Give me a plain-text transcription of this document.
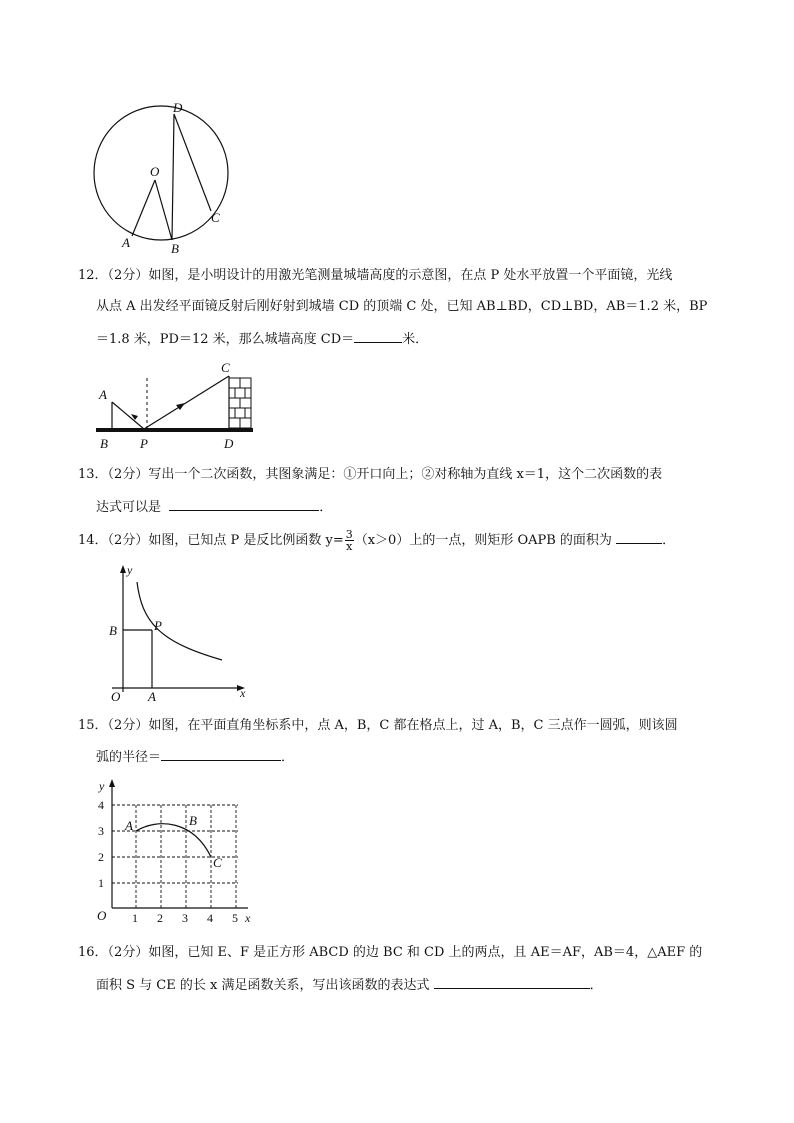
D
O
A	B
C
12．（2分）如图，是小明设计的用激光笔测量城墙高度的示意图，在点 P 处水平放置一个平面镜，光线
从点 A 出发经平面镜反射后刚好射到城墙 CD 的顶端 C 处，已知 AB⊥BD，CD⊥BD，AB＝1.2 米，BP
＝1.8 米，PD＝12 米，那么城墙高度 CD＝	米．
A
B P
C
D
13．（2分）写出一个二次函数，其图象满足：①开口向上；②对称轴为直线 x＝1，这个二次函数的表
达式可以是	．
14．（2分）如图，已知点 P 是反比例函数 $y= \frac{3}{x} (x>0)$上的一点，则矩形 OAPB 的面积为	．
y
x
B	P
O A
15．（2分）如图，在平面直角坐标系中，点 A，B，C 都在格点上，过 A，B，C 三点作一圆弧，则该圆
弧的半径＝	．
y
x
O
A	B
C
1
2
3
4
1 2 3 4 5
16．（2分）如图，已知 E、F 是正方形 ABCD 的边 BC 和 CD 上的两点，且 AE＝AF，AB＝4，△AEF 的
面积 S 与 CE 的长 x 满足函数关系，写出该函数的表达式	．
